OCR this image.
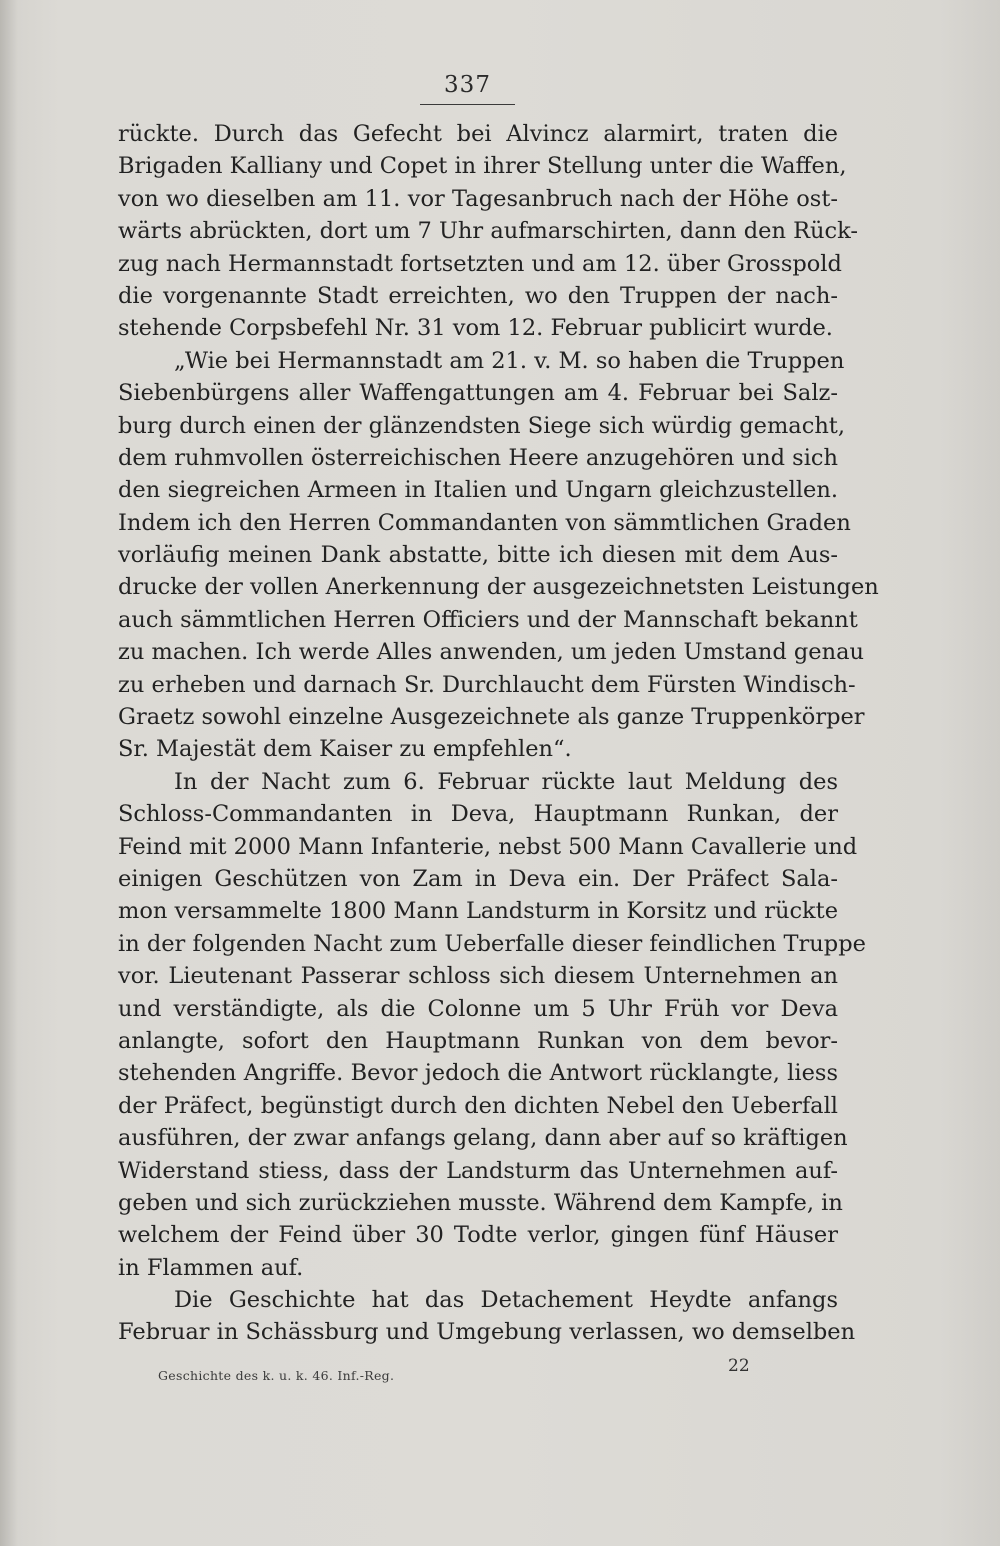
337
rückte. Durch das Gefecht bei Alvincz alarmirt, traten die
Brigaden Kalliany und Copet in ihrer Stellung unter die Waffen,
von wo dieselben am 11. vor Tagesanbruch nach der Höhe ost-
wärts abrückten, dort um 7 Uhr aufmarschirten, dann den Rück-
zug nach Hermannstadt fortsetzten und am 12. über Grosspold
die vorgenannte Stadt erreichten, wo den Truppen der nach-
stehende Corpsbefehl Nr. 31 vom 12. Februar publicirt wurde.
„Wie bei Hermannstadt am 21. v. M. so haben die Truppen
Siebenbürgens aller Waffengattungen am 4. Februar bei Salz-
burg durch einen der glänzendsten Siege sich würdig gemacht,
dem ruhmvollen österreichischen Heere anzugehören und sich
den siegreichen Armeen in Italien und Ungarn gleichzustellen.
Indem ich den Herren Commandanten von sämmtlichen Graden
vorläufig meinen Dank abstatte, bitte ich diesen mit dem Aus-
drucke der vollen Anerkennung der ausgezeichnetsten Leistungen
auch sämmtlichen Herren Officiers und der Mannschaft bekannt
zu machen. Ich werde Alles anwenden, um jeden Umstand genau
zu erheben und darnach Sr. Durchlaucht dem Fürsten Windisch-
Graetz sowohl einzelne Ausgezeichnete als ganze Truppenkörper
Sr. Majestät dem Kaiser zu empfehlen“.
In der Nacht zum 6. Februar rückte laut Meldung des
Schloss-Commandanten in Deva, Hauptmann Runkan, der
Feind mit 2000 Mann Infanterie, nebst 500 Mann Cavallerie und
einigen Geschützen von Zam in Deva ein. Der Präfect Sala-
mon versammelte 1800 Mann Landsturm in Korsitz und rückte
in der folgenden Nacht zum Ueberfalle dieser feindlichen Truppe
vor. Lieutenant Passerar schloss sich diesem Unternehmen an
und verständigte, als die Colonne um 5 Uhr Früh vor Deva
anlangte, sofort den Hauptmann Runkan von dem bevor-
stehenden Angriffe. Bevor jedoch die Antwort rücklangte, liess
der Präfect, begünstigt durch den dichten Nebel den Ueberfall
ausführen, der zwar anfangs gelang, dann aber auf so kräftigen
Widerstand stiess, dass der Landsturm das Unternehmen auf-
geben und sich zurückziehen musste. Während dem Kampfe, in
welchem der Feind über 30 Todte verlor, gingen fünf Häuser
in Flammen auf.
Die Geschichte hat das Detachement Heydte anfangs
Februar in Schässburg und Umgebung verlassen, wo demselben
Geschichte des k. u. k. 46. Inf.-Reg.	22
